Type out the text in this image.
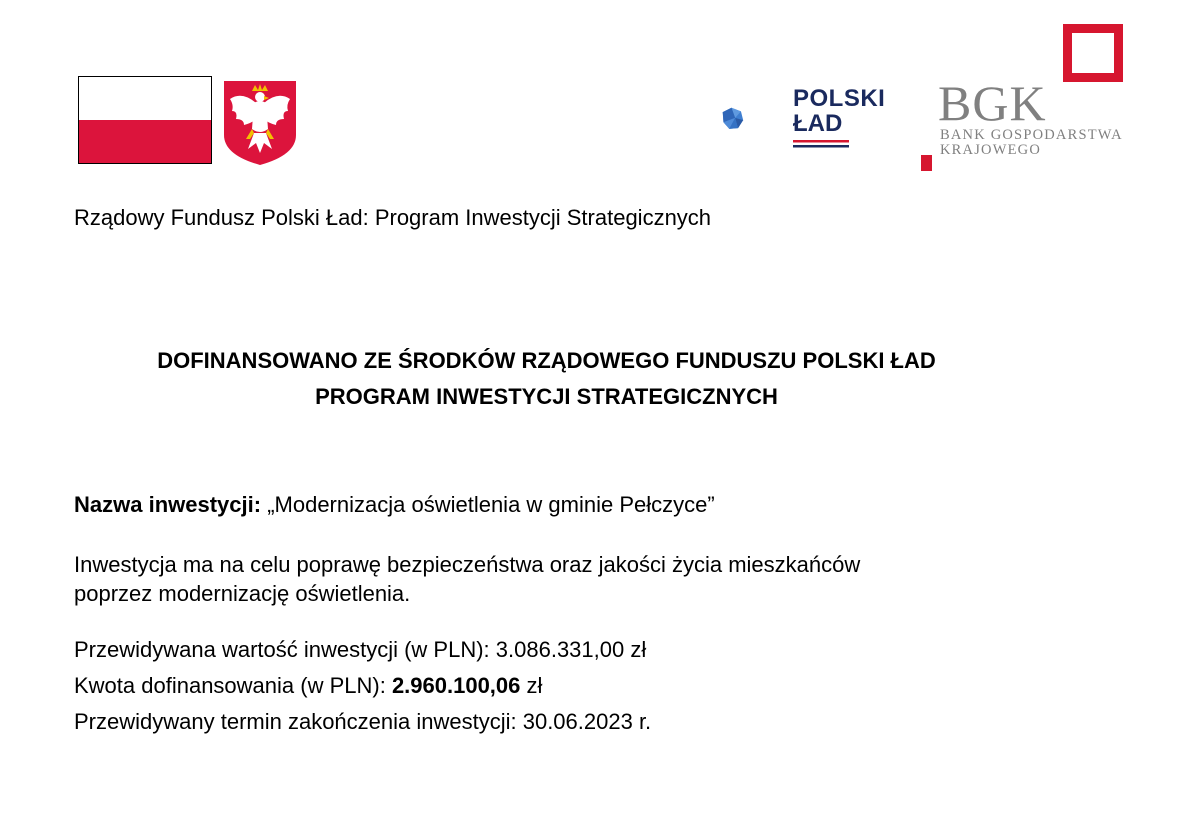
POLSKI
ŁAD	BGK
BANK GOSPODARSTWA
KRAJOWEGO
Rządowy Fundusz Polski Ład: Program Inwestycji Strategicznych
DOFINANSOWANO ZE ŚRODKÓW RZĄDOWEGO FUNDUSZU POLSKI ŁAD
PROGRAM INWESTYCJI STRATEGICZNYCH
Nazwa inwestycji: „Modernizacja oświetlenia w gminie Pełczyce”
Inwestycja ma na celu poprawę bezpieczeństwa oraz jakości życia mieszkańców
poprzez modernizację oświetlenia.
Przewidywana wartość inwestycji (w PLN): 3.086.331,00 zł
Kwota dofinansowania (w PLN): 2.960.100,06 zł
Przewidywany termin zakończenia inwestycji: 30.06.2023 r.
